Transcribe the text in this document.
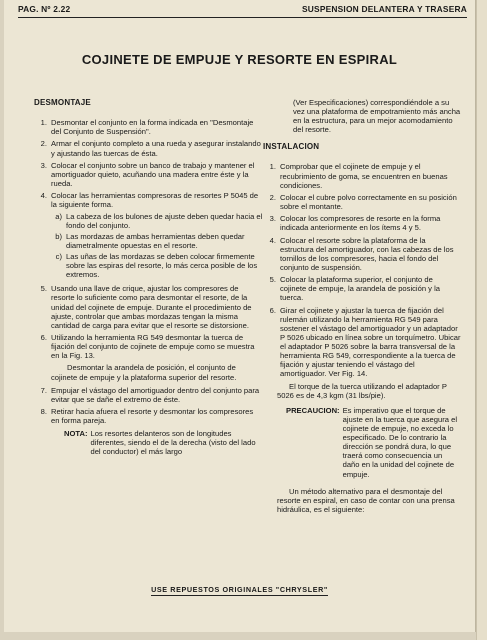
PAG. Nº 2.22	SUSPENSION DELANTERA Y TRASERA
COJINETE DE EMPUJE Y RESORTE EN ESPIRAL
DESMONTAJE
1. Desmontar el conjunto en la forma indicada en "Desmontaje del Conjunto de Suspensión".
2. Armar el conjunto completo a una rueda y asegurar instalando y ajustando las tuercas de ésta.
3. Colocar el conjunto sobre un banco de trabajo y mantener el amortiguador quieto, acuñando una madera entre éste y la rueda.
4. Colocar las herramientas compresoras de resortes P 5045 de la siguiente forma.
a) La cabeza de los bulones de ajuste deben quedar hacia el fondo del conjunto.
b) Las mordazas de ambas herramientas deben quedar diametralmente opuestas en el resorte.
c) Las uñas de las mordazas se deben colocar firmemente sobre las espiras del resorte, lo más cerca posible de los extremos.
5. Usando una llave de crique, ajustar los compresores de resorte lo suficiente como para desmontar el resorte, de la unidad del cojinete de empuje. Durante el procedimiento de ajuste, controlar que ambas mordazas tengan la misma cantidad de carga para evitar que el resorte se distorsione.
6. Utilizando la herramienta RG 549 desmontar la tuerca de fijación del conjunto de cojinete de empuje como se muestra en la Fig. 13.

Desmontar la arandela de posición, el conjunto de cojinete de empuje y la plataforma superior del resorte.

7. Empujar el vástago del amortiguador dentro del conjunto para evitar que se dañe el extremo de éste.
8. Retirar hacia afuera el resorte y desmontar los compresores en forma pareja.
NOTA: Los resortes delanteros son de longitudes diferentes, siendo el de la derecha (visto del lado del conductor) el más largo
(Ver Especificaciones) correspondiéndole a su vez una plataforma de empotramiento más ancha en la estructura, para un mejor acomodamiento del resorte.
INSTALACION
1. Comprobar que el cojinete de empuje y el recubrimiento de goma, se encuentren en buenas condiciones.
2. Colocar el cubre polvo correctamente en su posición sobre el montante.
3. Colocar los compresores de resorte en la forma indicada anteriormente en los ítems 4 y 5.
4. Colocar el resorte sobre la plataforma de la estructura del amortiguador, con las cabezas de los tornillos de los compresores, hacia el fondo del conjunto de suspensión.
5. Colocar la plataforma superior, el conjunto de cojinete de empuje, la arandela de posición y la tuerca.
6. Girar el cojinete y ajustar la tuerca de fijación del rulemán utilizando la herramienta RG 549 para sostener el vástago del amortiguador y un adaptador P 5026 ubicado en línea sobre un torquímetro. Ubicar el adaptador P 5026 sobre la barra transversal de la herramienta RG 549, correspondiente a la tuerca de fijación y ajustar teniendo el vástago del amortiguador. Ver Fig. 14.

El torque de la tuerca utilizando el adaptador P 5026 es de 4,3 kgm (31 lbs/pie).

PRECAUCION: Es imperativo que el torque de ajuste en la tuerca que asegura el cojinete de empuje, no exceda lo especificado. De lo contrario la dirección se pondrá dura, lo que traerá como consecuencia un daño en la unidad del cojinete de empuje.

Un método alternativo para el desmontaje del resorte en espiral, en caso de contar con una prensa hidráulica, es el siguiente:

USE REPUESTOS ORIGINALES "CHRYSLER"
